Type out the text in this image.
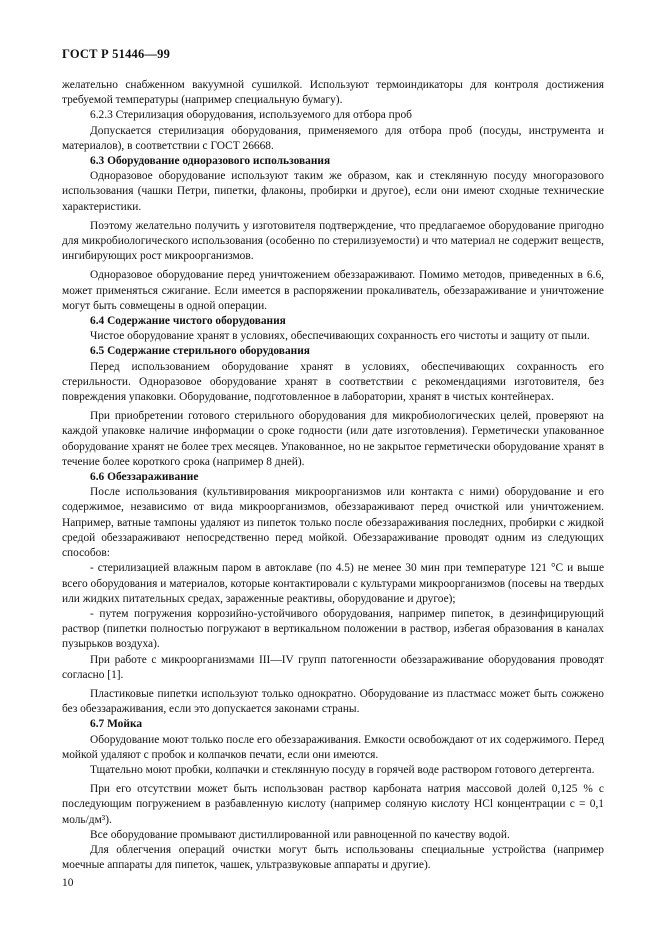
ГОСТ Р 51446—99

желательно снабженном вакуумной сушилкой. Используют термоиндикаторы для контроля достижения требуемой температуры (например специальную бумагу).

6.2.3 Стерилизация оборудования, используемого для отбора проб

Допускается стерилизация оборудования, применяемого для отбора проб (посуды, инструмента и материалов), в соответствии с ГОСТ 26668.

6.3 Оборудование одноразового использования

Одноразовое оборудование используют таким же образом, как и стеклянную посуду многоразового использования (чашки Петри, пипетки, флаконы, пробирки и другое), если они имеют сходные технические характеристики.

Поэтому желательно получить у изготовителя подтверждение, что предлагаемое оборудование пригодно для микробиологического использования (особенно по стерилизуемости) и что материал не содержит веществ, ингибирующих рост микроорганизмов.

Одноразовое оборудование перед уничтожением обеззараживают. Помимо методов, приведенных в 6.6, может применяться сжигание. Если имеется в распоряжении прокаливатель, обеззараживание и уничтожение могут быть совмещены в одной операции.

6.4 Содержание чистого оборудования

Чистое оборудование хранят в условиях, обеспечивающих сохранность его чистоты и защиту от пыли.

6.5 Содержание стерильного оборудования

Перед использованием оборудование хранят в условиях, обеспечивающих сохранность его стерильности. Одноразовое оборудование хранят в соответствии с рекомендациями изготовителя, без повреждения упаковки. Оборудование, подготовленное в лаборатории, хранят в чистых контейнерах.

При приобретении готового стерильного оборудования для микробиологических целей, проверяют на каждой упаковке наличие информации о сроке годности (или дате изготовления). Герметически упакованное оборудование хранят не более трех месяцев. Упакованное, но не закрытое герметически оборудование хранят в течение более короткого срока (например 8 дней).

6.6 Обеззараживание

После использования (культивирования микроорганизмов или контакта с ними) оборудование и его содержимое, независимо от вида микроорганизмов, обеззараживают перед очисткой или уничтожением. Например, ватные тампоны удаляют из пипеток только после обеззараживания последних, пробирки с жидкой средой обеззараживают непосредственно перед мойкой. Обеззараживание проводят одним из следующих способов:

- стерилизацией влажным паром в автоклаве (по 4.5) не менее 30 мин при температуре 121 °С и выше всего оборудования и материалов, которые контактировали с культурами микроорганизмов (посевы на твердых или жидких питательных средах, зараженные реактивы, оборудование и другое);

- путем погружения коррозийно-устойчивого оборудования, например пипеток, в дезинфицирующий раствор (пипетки полностью погружают в вертикальном положении в раствор, избегая образования в каналах пузырьков воздуха).

При работе с микроорганизмами III—IV групп патогенности обеззараживание оборудования проводят согласно [1].

Пластиковые пипетки используют только однократно. Оборудование из пластмасс может быть сожжено без обеззараживания, если это допускается законами страны.

6.7 Мойка

Оборудование моют только после его обеззараживания. Емкости освобождают от их содержимого. Перед мойкой удаляют с пробок и колпачков печати, если они имеются.

Тщательно моют пробки, колпачки и стеклянную посуду в горячей воде раствором готового детергента.

При его отсутствии может быть использован раствор карбоната натрия массовой долей 0,125 % с последующим погружением в разбавленную кислоту (например соляную кислоту HCl концентрации c = 0,1 моль/дм³).

Все оборудование промывают дистиллированной или равноценной по качеству водой.

Для облегчения операций очистки могут быть использованы специальные устройства (например моечные аппараты для пипеток, чашек, ультразвуковые аппараты и другие).

10
